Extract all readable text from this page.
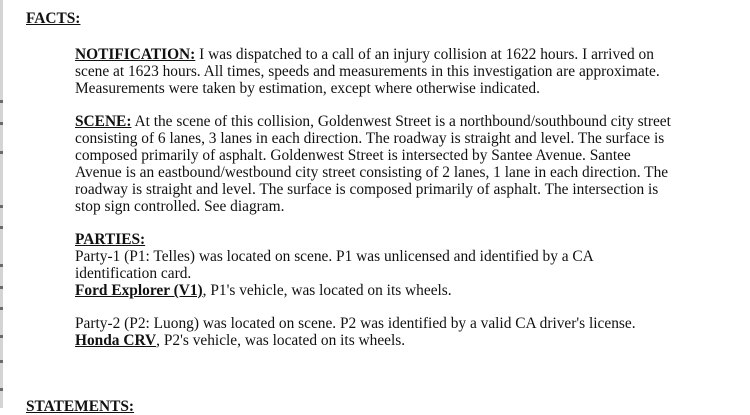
FACTS:
NOTIFICATION: I was dispatched to a call of an injury collision at 1622 hours. I arrived on
scene at 1623 hours. All times, speeds and measurements in this investigation are approximate.
Measurements were taken by estimation, except where otherwise indicated.
SCENE: At the scene of this collision, Goldenwest Street is a northbound/southbound city street
consisting of 6 lanes, 3 lanes in each direction. The roadway is straight and level. The surface is
composed primarily of asphalt. Goldenwest Street is intersected by Santee Avenue. Santee
Avenue is an eastbound/westbound city street consisting of 2 lanes, 1 lane in each direction. The
roadway is straight and level. The surface is composed primarily of asphalt. The intersection is
stop sign controlled. See diagram.
PARTIES:
Party-1 (P1: Telles) was located on scene. P1 was unlicensed and identified by a CA
identification card.
Ford Explorer (V1), P1's vehicle, was located on its wheels.
Party-2 (P2: Luong) was located on scene. P2 was identified by a valid CA driver's license.
Honda CRV, P2's vehicle, was located on its wheels.
STATEMENTS:
